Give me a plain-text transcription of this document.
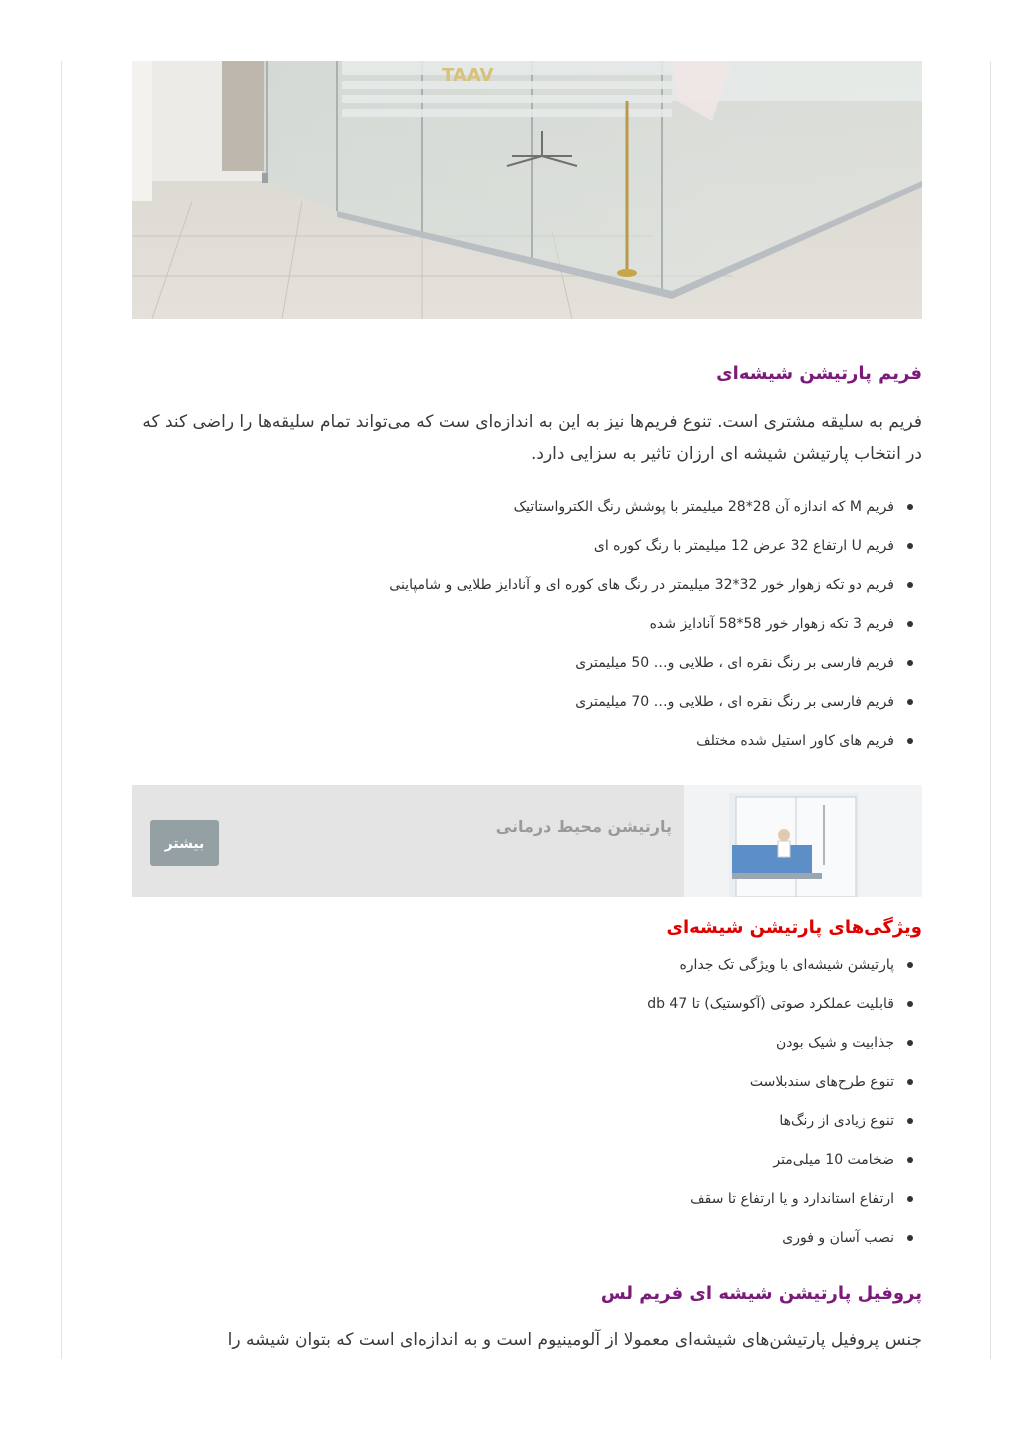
TAAV
فریم پارتیشن شیشه‌ای

فریم به سلیقه مشتری است. تنوع فریم‌ها نیز به این به اندازه‌ای ست که می‌تواند تمام سلیقه‌ها را راضی کند که در انتخاب پارتیشن شیشه ای ارزان تاثیر به سزایی دارد.

فریم M که اندازه آن 28*28 میلیمتر با پوشش رنگ الکترواستاتیک
فریم U ارتفاع 32 عرض 12 میلیمتر با رنگ کوره ای
فریم دو تکه زهوار خور 32*32 میلیمتر در رنگ های کوره ای و آنادایز طلایی و شامپاینی
فریم 3 تکه زهوار خور 58*58 آنادایز شده
فریم فارسی بر رنگ نقره ای ، طلایی و… 50 میلیمتری
فریم فارسی بر رنگ نقره ای ، طلایی و… 70 میلیمتری
فریم های کاور استیل شده مختلف
پارتیشن محیط درمانی
بیشتر
ویژگی‌های پارتیشن شیشه‌ای
پارتیشن شیشه‌ای با ویژگی تک جداره
قابلیت عملکرد صوتی (آکوستیک) تا db 47
جذابیت و شیک بودن
تنوع طرح‌های سندبلاست
تنوع زیادی از رنگ‌ها
ضخامت 10 میلی‌متر
ارتفاع استاندارد و یا ارتفاع تا سقف
نصب آسان و فوری
پروفیل پارتیشن شیشه ای فریم لس

جنس پروفیل پارتیشن‌های شیشه‌ای معمولا از آلومینیوم است و به اندازه‌ای است که بتوان شیشه را
